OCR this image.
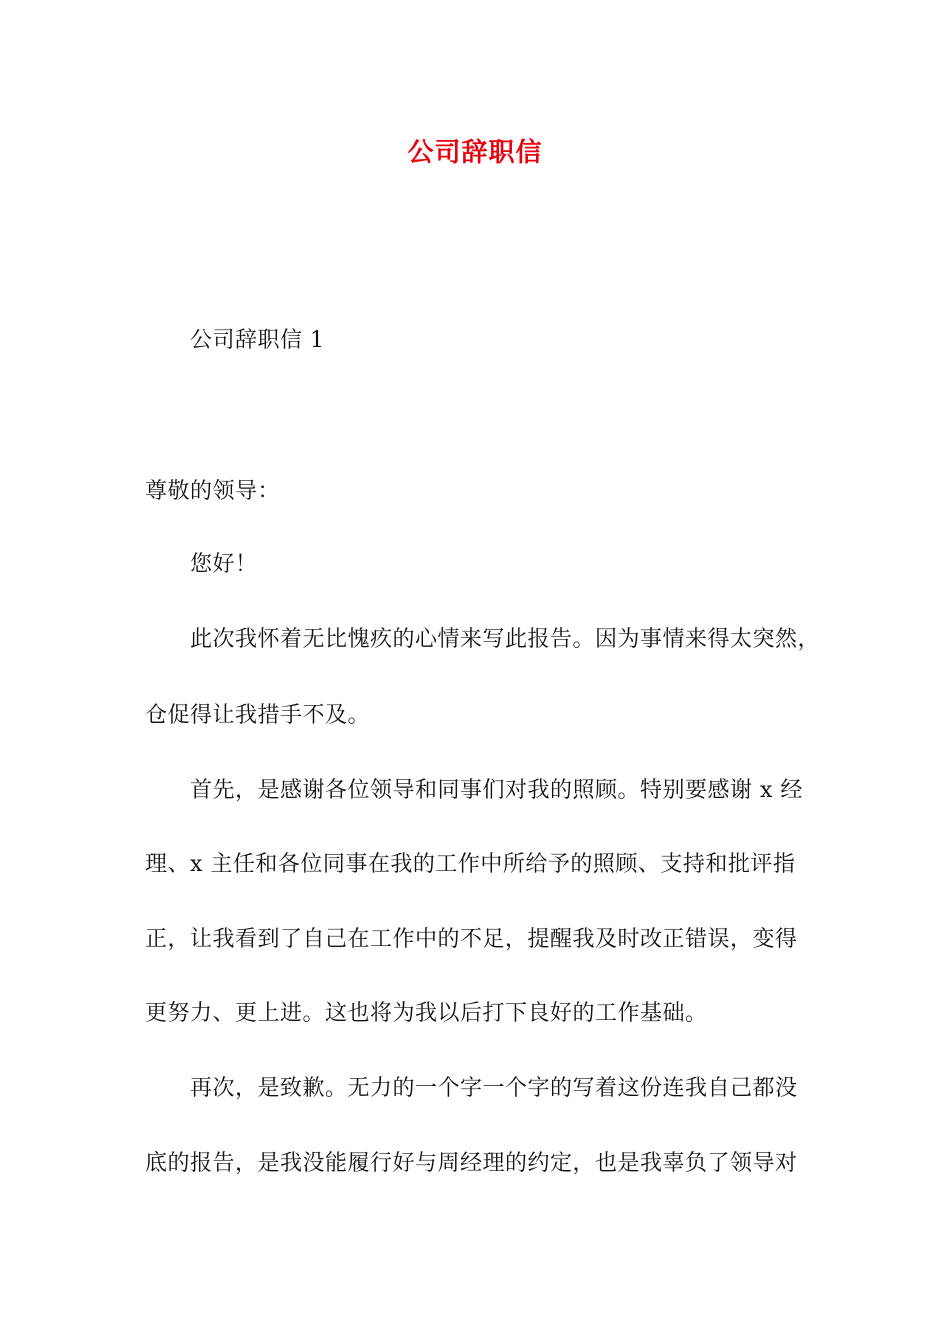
公司辞职信
公司辞职信 1
尊敬的领导：
您好！
此次我怀着无比愧疚的心情来写此报告。因为事情来得太突然，
仓促得让我措手不及。
首先，是感谢各位领导和同事们对我的照顾。特别要感谢 x 经
理、x 主任和各位同事在我的工作中所给予的照顾、支持和批评指
正，让我看到了自己在工作中的不足，提醒我及时改正错误，变得
更努力、更上进。这也将为我以后打下良好的工作基础。
再次，是致歉。无力的一个字一个字的写着这份连我自己都没
底的报告，是我没能履行好与周经理的约定，也是我辜负了领导对
